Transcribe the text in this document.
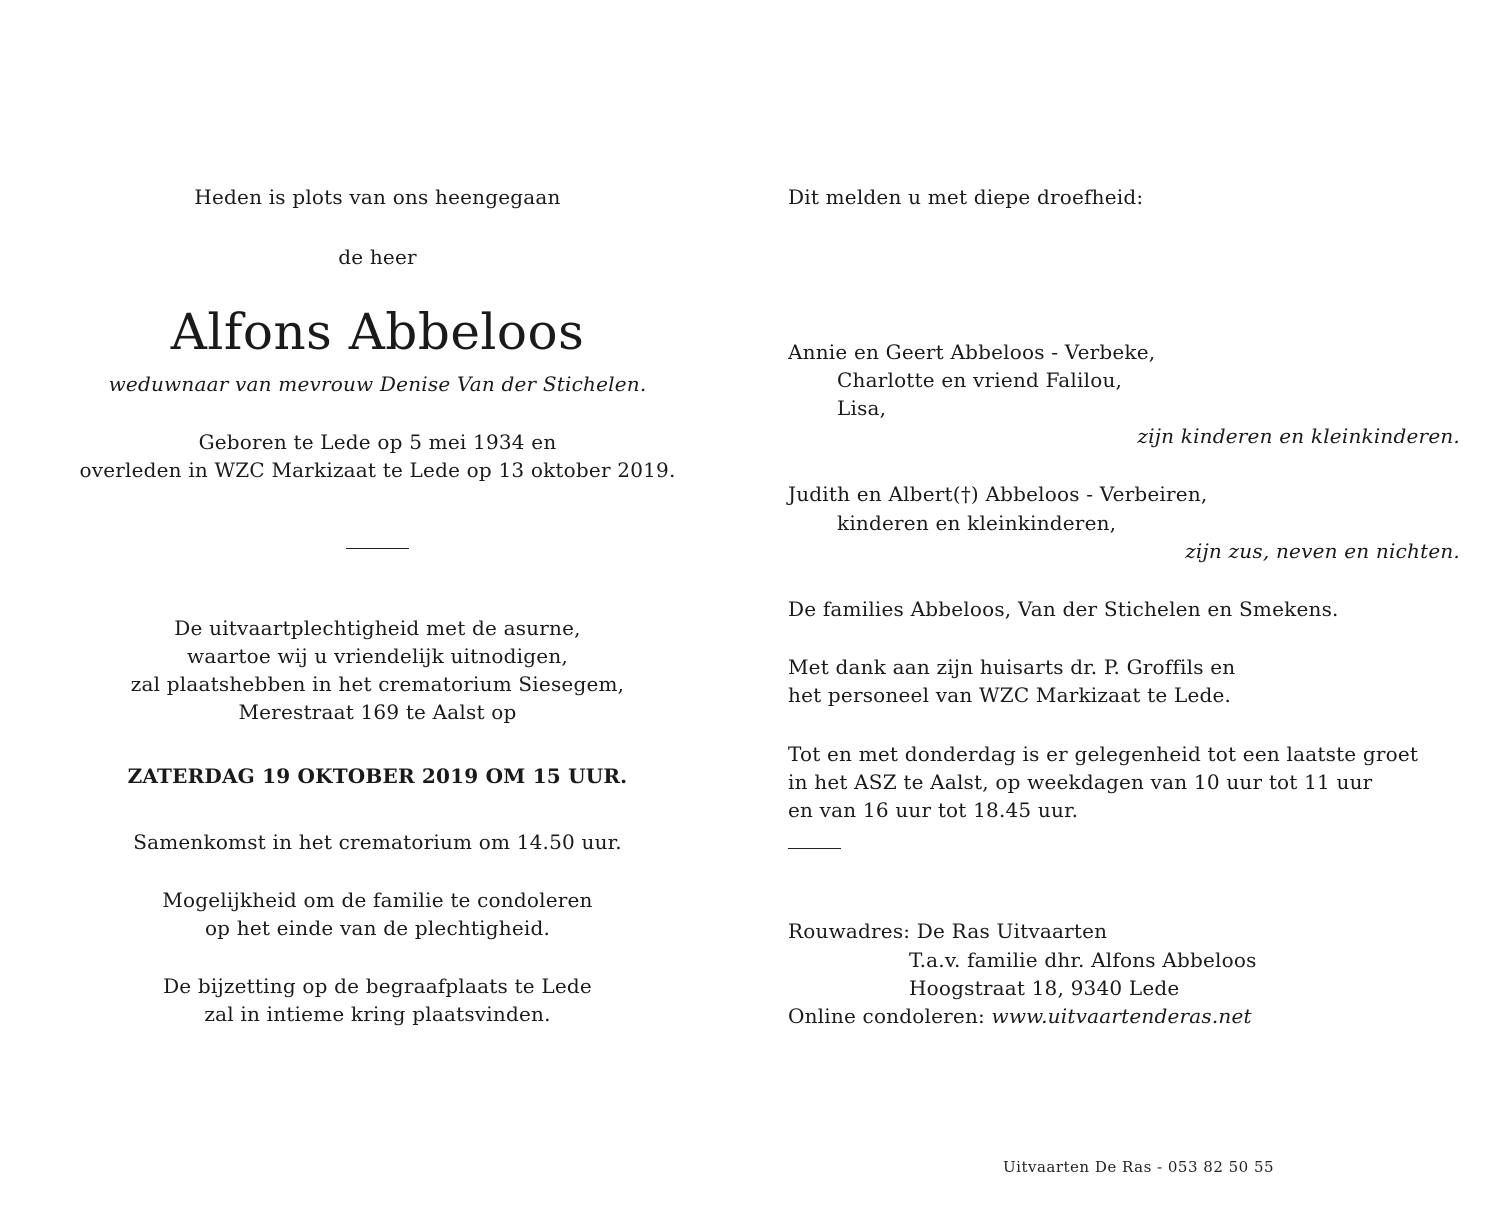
Heden is plots van ons heengegaan
de heer
Alfons Abbeloos
weduwnaar van mevrouw Denise Van der Stichelen.
Geboren te Lede op 5 mei 1934 en
overleden in WZC Markizaat te Lede op 13 oktober 2019.
De uitvaartplechtigheid met de asurne,
waartoe wij u vriendelijk uitnodigen,
zal plaatshebben in het crematorium Siesegem,
Merestraat 169 te Aalst op
ZATERDAG 19 OKTOBER 2019 OM 15 UUR.
Samenkomst in het crematorium om 14.50 uur.
Mogelijkheid om de familie te condoleren
op het einde van de plechtigheid.
De bijzetting op de begraafplaats te Lede
zal in intieme kring plaatsvinden.
Dit melden u met diepe droefheid:
Annie en Geert Abbeloos - Verbeke,
Charlotte en vriend Falilou,
Lisa,
zijn kinderen en kleinkinderen.
Judith en Albert(†) Abbeloos - Verbeiren,
kinderen en kleinkinderen,
zijn zus, neven en nichten.
De families Abbeloos, Van der Stichelen en Smekens.
Met dank aan zijn huisarts dr. P. Groffils en
het personeel van WZC Markizaat te Lede.
Tot en met donderdag is er gelegenheid tot een laatste groet
in het ASZ te Aalst, op weekdagen van 10 uur tot 11 uur
en van 16 uur tot 18.45 uur.
Rouwadres: De Ras Uitvaarten
T.a.v. familie dhr. Alfons Abbeloos
Hoogstraat 18, 9340 Lede
Online condoleren: www.uitvaartenderas.net
Uitvaarten De Ras - 053 82 50 55
